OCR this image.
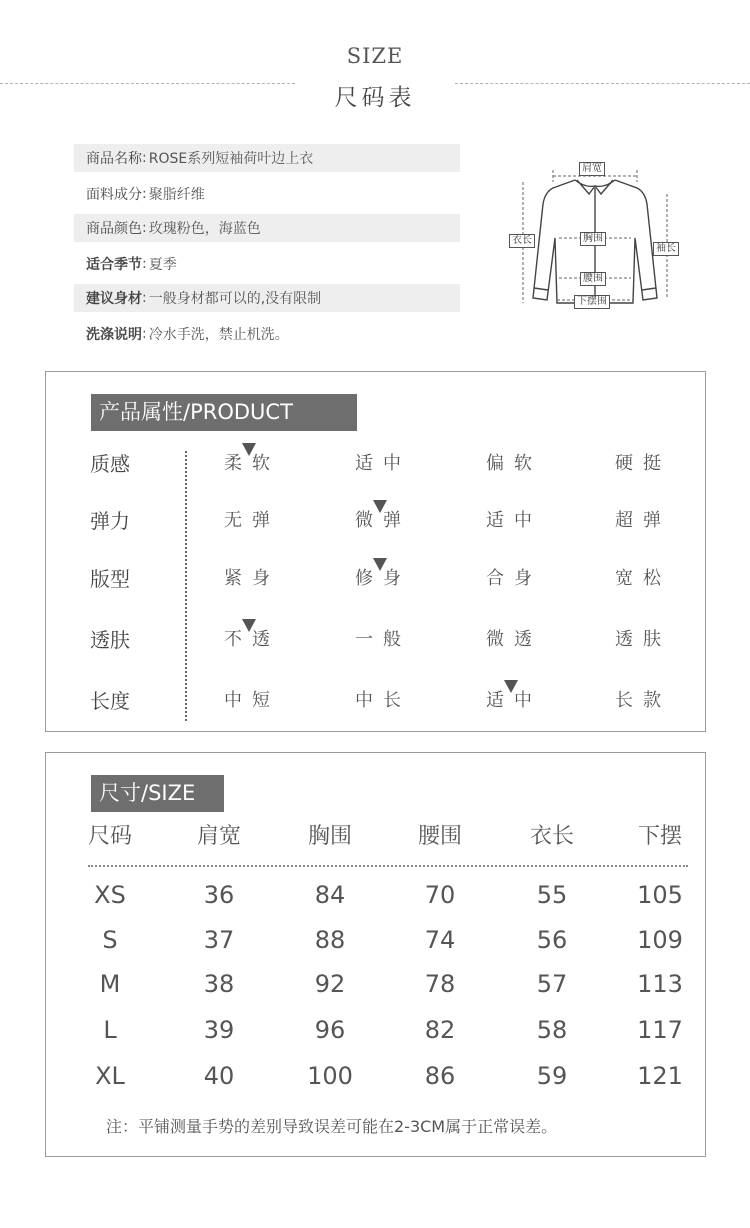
SIZE
尺码表
商品名称 : ROSE系列短袖荷叶边上衣
面料成分 : 聚脂纤维
商品颜色 : 玫瑰粉色，海蓝色
适合季节 : 夏季
建议身材 : 一般身材都可以的,没有限制
洗涤说明 : 冷水手洗，禁止机洗。
肩宽
胸围
衣长
袖长
腰围
下摆围
产品属性/PRODUCT
质感	柔软	适中	偏软	硬挺
弹力	无弹	微弹	适中	超弹
版型	紧身	修身	合身	宽松
透肤	不透	一般	微透	透肤
长度	中短	中长	适中	长款
尺寸/SIZE
注：平铺测量手势的差别导致误差可能在2-3CM属于正常误差。
尺码	肩宽	胸围	腰围	衣长	下摆
XS	36	84	70	55	105
S	37	88	74	56	109
M	38	92	78	57	113
L	39	96	82	58	117
XL	40	100	86	59	121
